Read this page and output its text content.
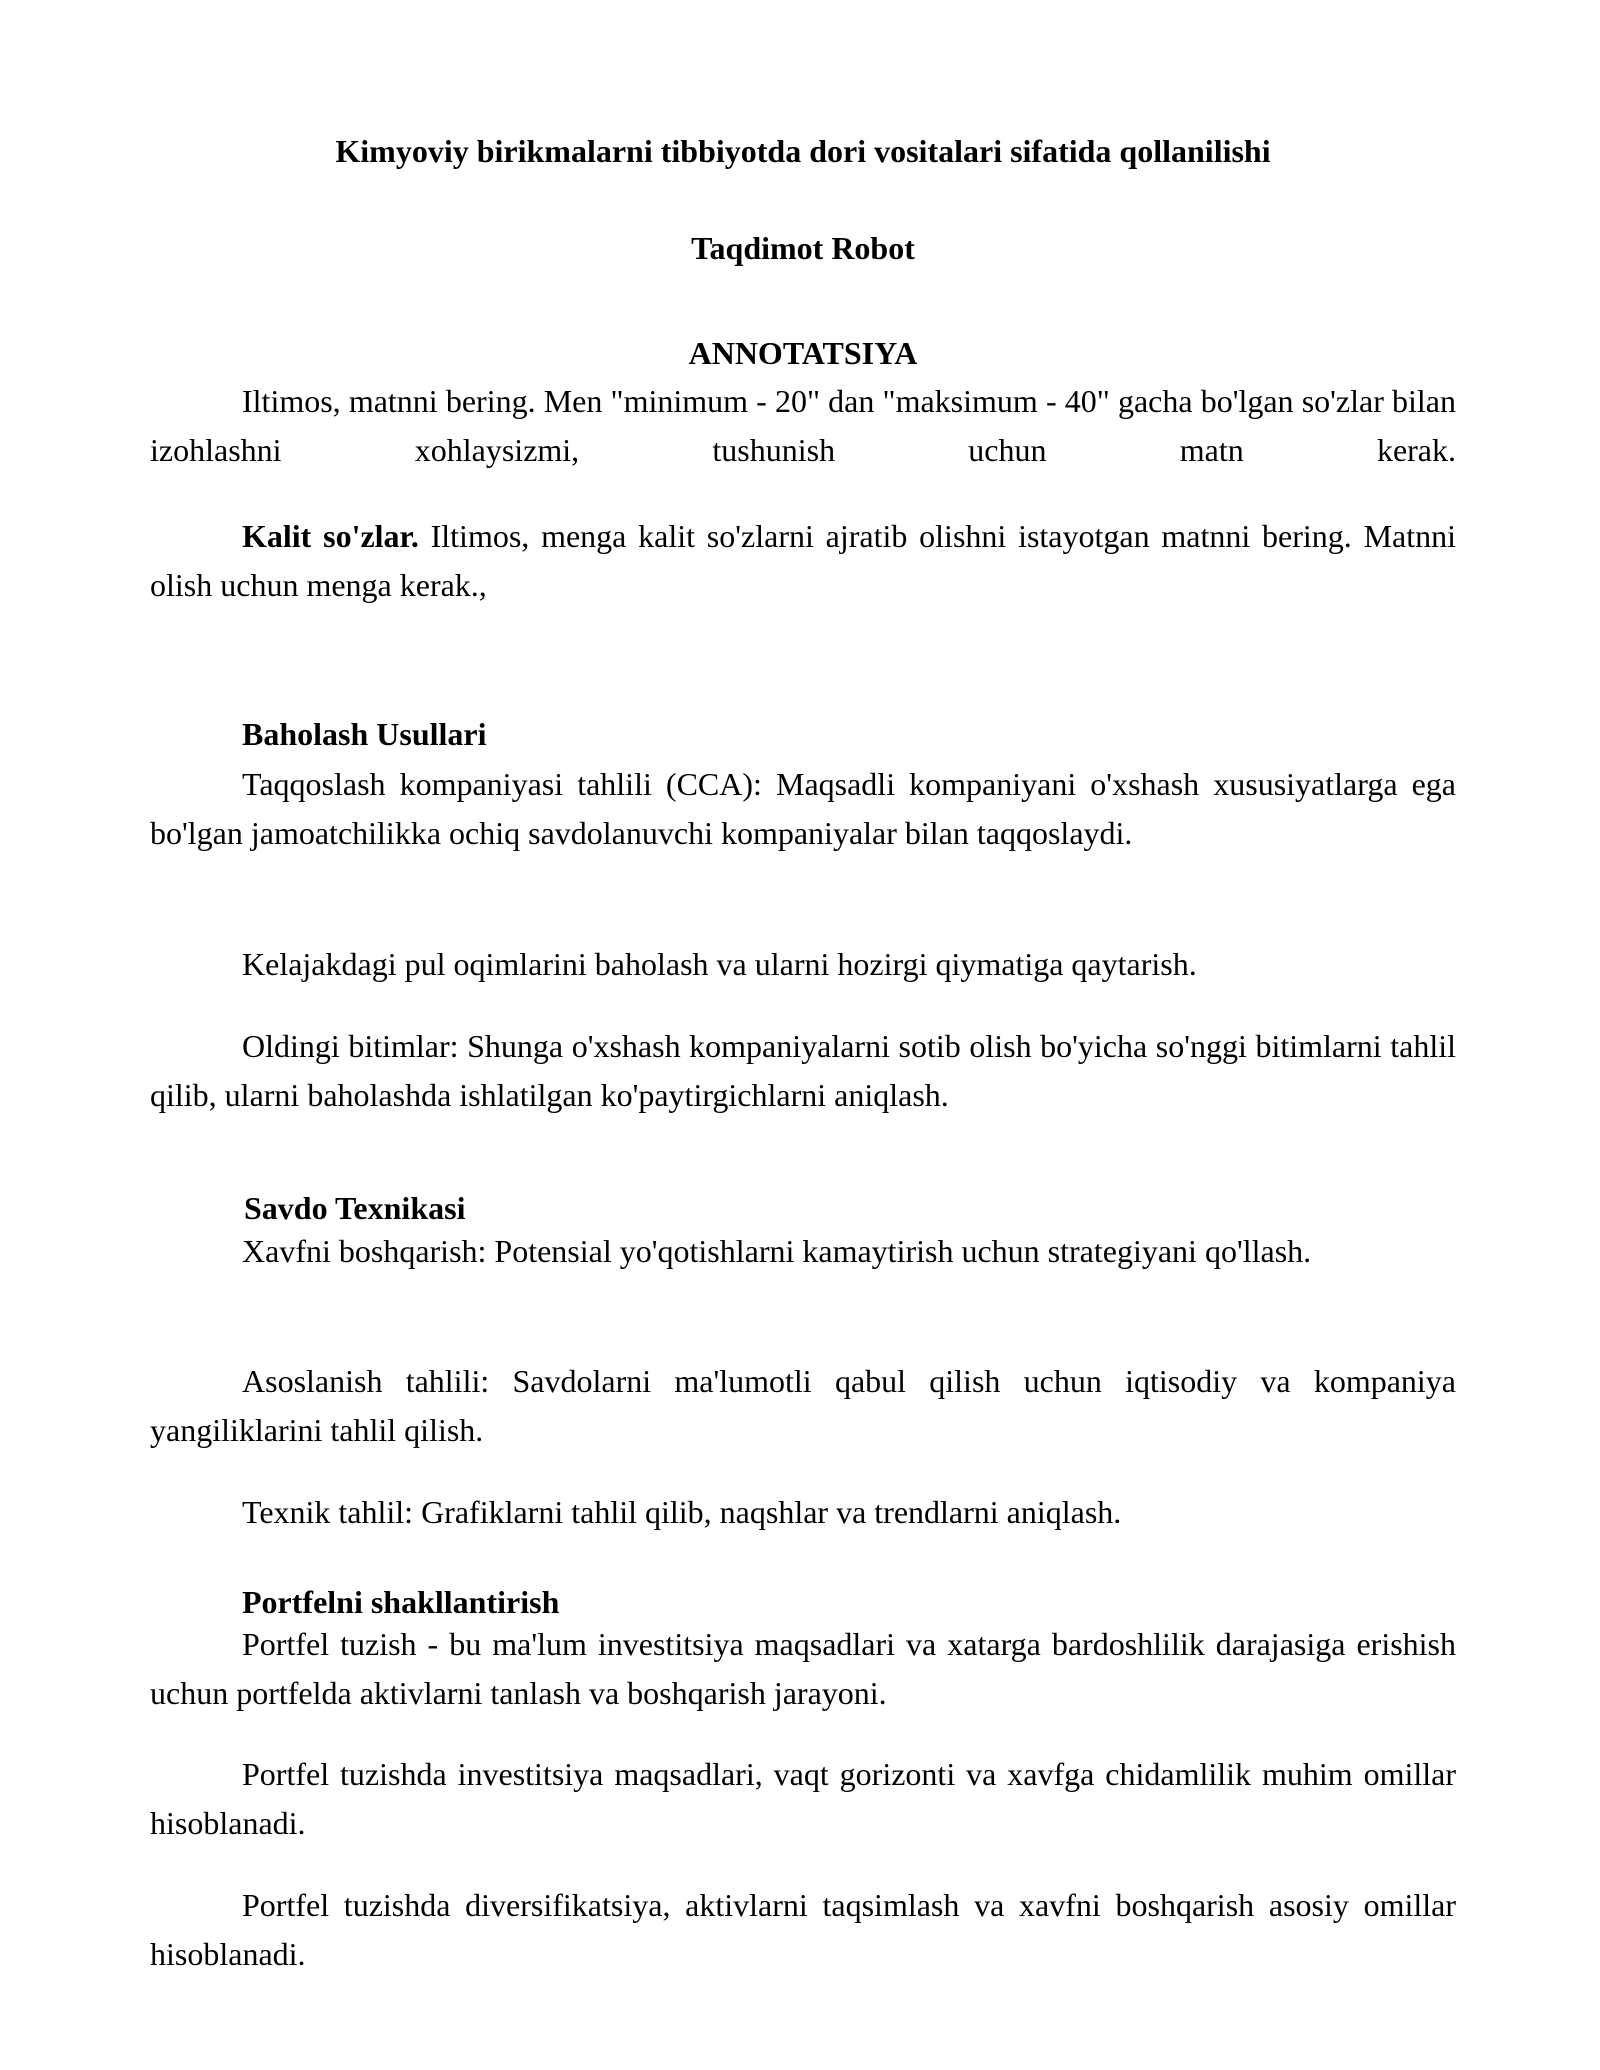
Kimyoviy birikmalarni tibbiyotda dori vositalari sifatida qollanilishi
Taqdimot Robot
ANNOTATSIYA
Iltimos, matnni bering. Men "minimum - 20" dan "maksimum - 40" gacha bo'lgan so'zlar bilan izohlashni xohlaysizmi, tushunish uchun matn kerak.
Kalit so'zlar. Iltimos, menga kalit so'zlarni ajratib olishni istayotgan matnni bering. Matnni olish uchun menga kerak.,
Baholash Usullari
Taqqoslash kompaniyasi tahlili (CCA): Maqsadli kompaniyani o'xshash xususiyatlarga ega bo'lgan jamoatchilikka ochiq savdolanuvchi kompaniyalar bilan taqqoslaydi.
Kelajakdagi pul oqimlarini baholash va ularni hozirgi qiymatiga qaytarish.
Oldingi bitimlar: Shunga o'xshash kompaniyalarni sotib olish bo'yicha so'nggi bitimlarni tahlil qilib, ularni baholashda ishlatilgan ko'paytirgichlarni aniqlash.
Savdo Texnikasi
Xavfni boshqarish: Potensial yo'qotishlarni kamaytirish uchun strategiyani qo'llash.
Asoslanish tahlili: Savdolarni ma'lumotli qabul qilish uchun iqtisodiy va kompaniya yangiliklarini tahlil qilish.
Texnik tahlil: Grafiklarni tahlil qilib, naqshlar va trendlarni aniqlash.
Portfelni shakllantirish
Portfel tuzish - bu ma'lum investitsiya maqsadlari va xatarga bardoshlilik darajasiga erishish uchun portfelda aktivlarni tanlash va boshqarish jarayoni.
Portfel tuzishda investitsiya maqsadlari, vaqt gorizonti va xavfga chidamlilik muhim omillar hisoblanadi.
Portfel tuzishda diversifikatsiya, aktivlarni taqsimlash va xavfni boshqarish asosiy omillar hisoblanadi.
